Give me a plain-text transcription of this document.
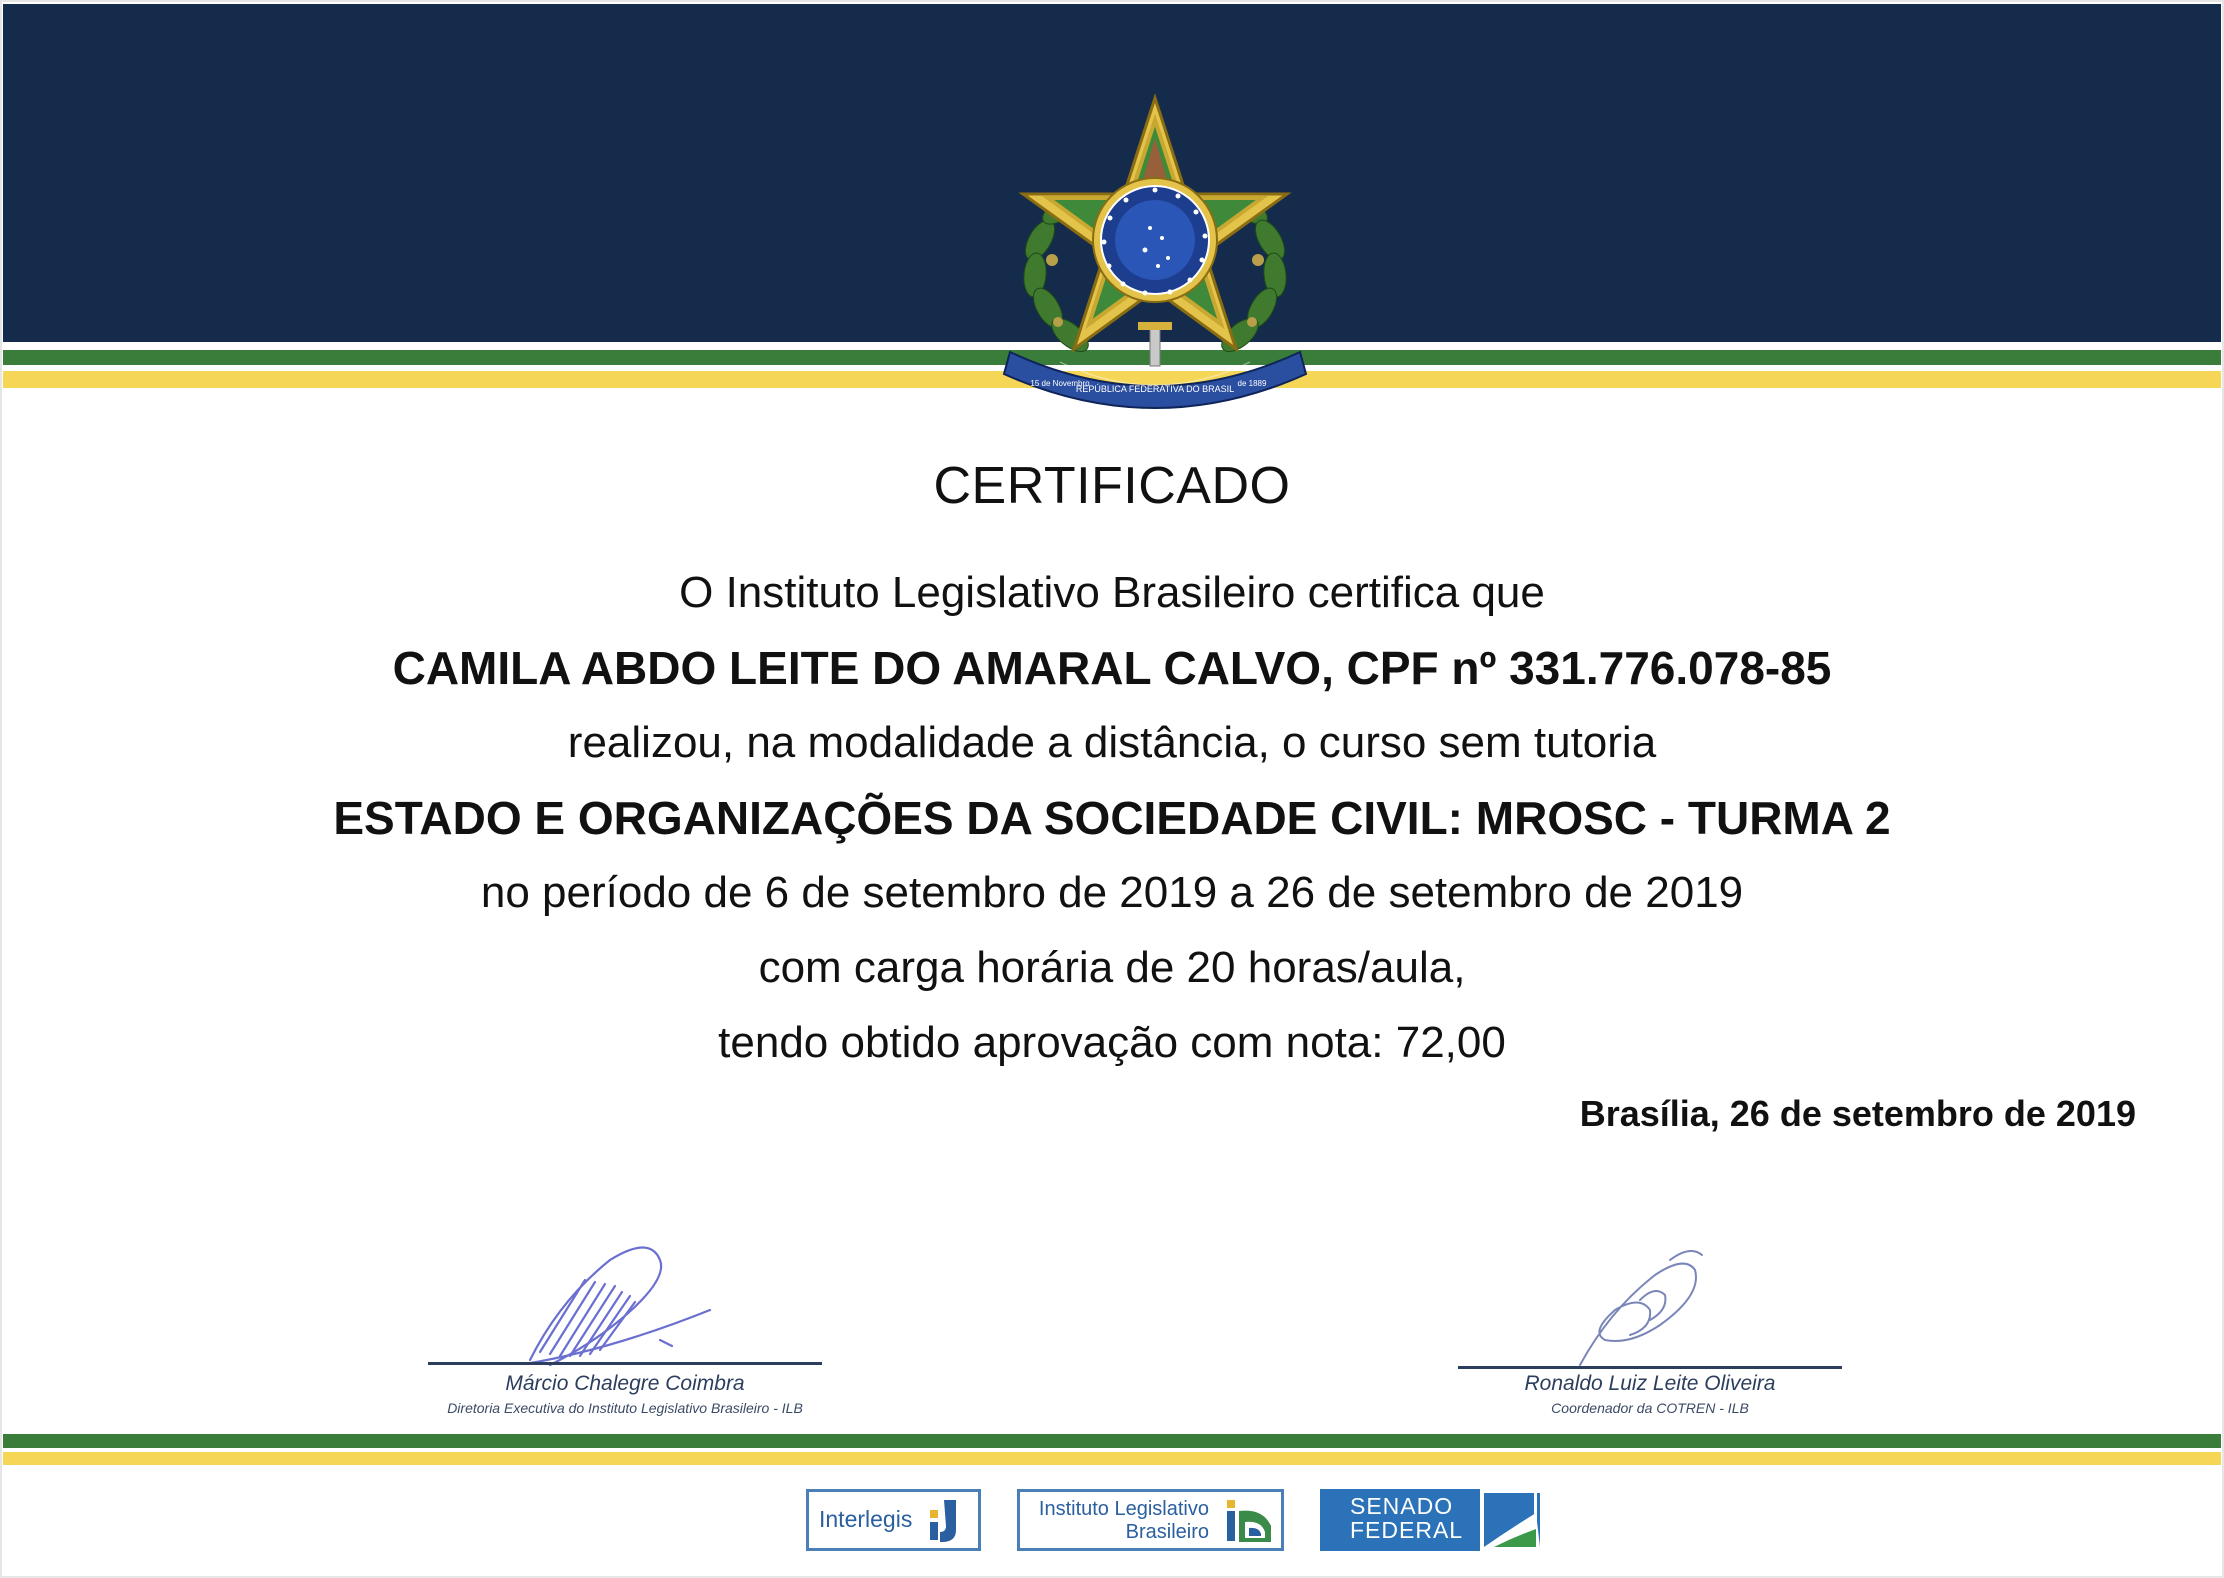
REPÚBLICA FEDERATIVA DO BRASIL
15 de Novembro	de 1889
CERTIFICADO
O Instituto Legislativo Brasileiro certifica que
CAMILA ABDO LEITE DO AMARAL CALVO, CPF nº 331.776.078-85
realizou, na modalidade a distância, o curso sem tutoria
ESTADO E ORGANIZAÇÕES DA SOCIEDADE CIVIL: MROSC - TURMA 2
no período de 6 de setembro de 2019 a 26 de setembro de 2019
com carga horária de 20 horas/aula,
tendo obtido aprovação com nota: 72,00
Brasília, 26 de setembro de 2019
Márcio Chalegre Coimbra
Diretoria Executiva do Instituto Legislativo Brasileiro - ILB
Ronaldo Luiz Leite Oliveira
Coordenador da COTREN - ILB
Interlegis	Instituto Legislativo
Brasileiro
SENADO
FEDERAL
